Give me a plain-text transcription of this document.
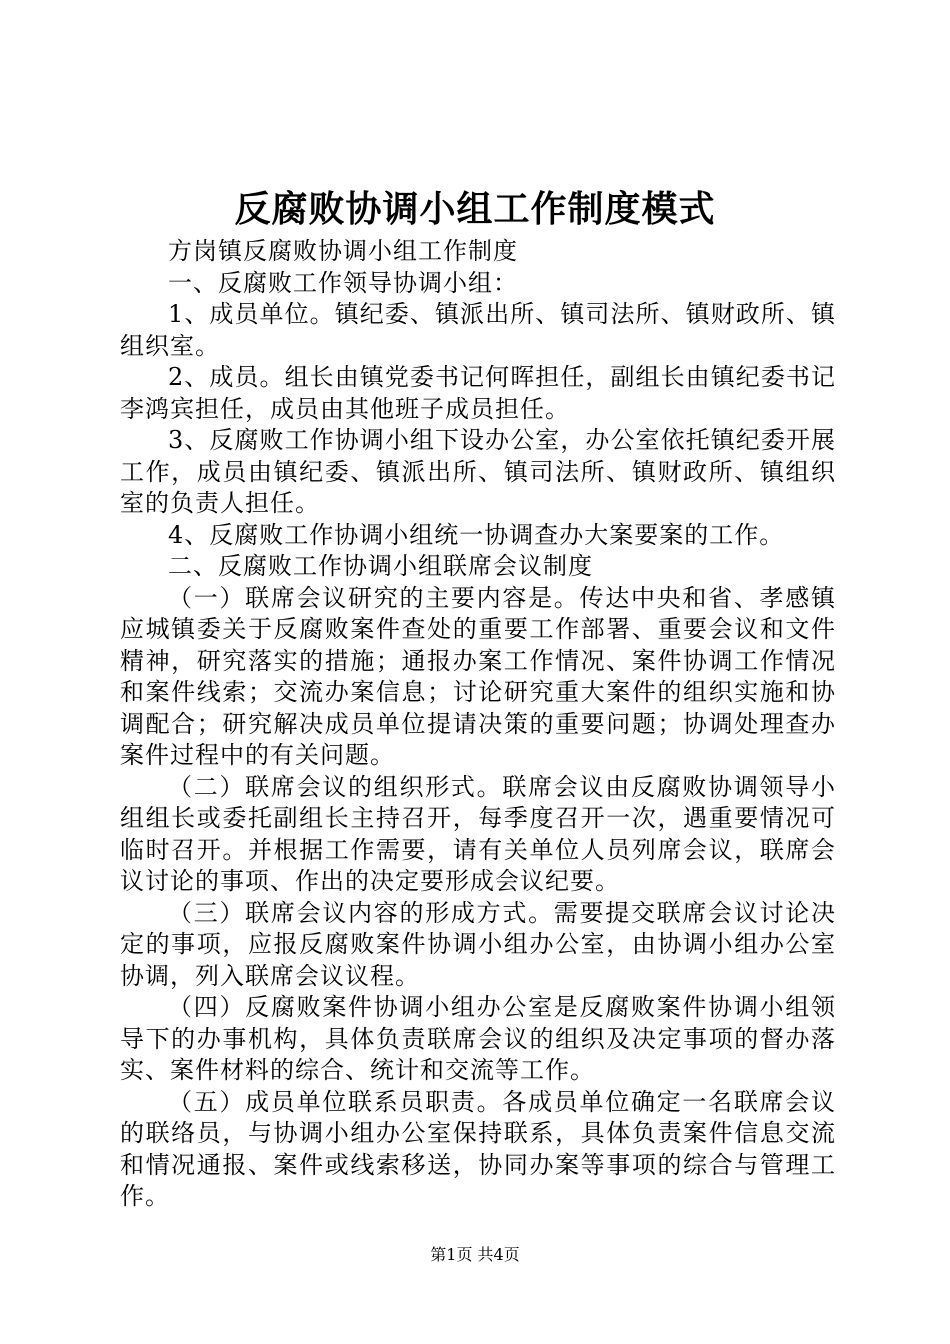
反腐败协调小组工作制度模式

方岗镇反腐败协调小组工作制度

一、反腐败工作领导协调小组：

1、成员单位。镇纪委、镇派出所、镇司法所、镇财政所、镇组织室。

2、成员。组长由镇党委书记何晖担任，副组长由镇纪委书记李鸿宾担任，成员由其他班子成员担任。

3、反腐败工作协调小组下设办公室，办公室依托镇纪委开展工作，成员由镇纪委、镇派出所、镇司法所、镇财政所、镇组织室的负责人担任。

4、反腐败工作协调小组统一协调查办大案要案的工作。

二、反腐败工作协调小组联席会议制度

（一）联席会议研究的主要内容是。传达中央和省、孝感镇应城镇委关于反腐败案件查处的重要工作部署、重要会议和文件精神，研究落实的措施；通报办案工作情况、案件协调工作情况和案件线索；交流办案信息；讨论研究重大案件的组织实施和协调配合；研究解决成员单位提请决策的重要问题；协调处理查办案件过程中的有关问题。

（二）联席会议的组织形式。联席会议由反腐败协调领导小组组长或委托副组长主持召开，每季度召开一次，遇重要情况可临时召开。并根据工作需要，请有关单位人员列席会议，联席会议讨论的事项、作出的决定要形成会议纪要。

（三）联席会议内容的形成方式。需要提交联席会议讨论决定的事项，应报反腐败案件协调小组办公室，由协调小组办公室协调，列入联席会议议程。

（四）反腐败案件协调小组办公室是反腐败案件协调小组领导下的办事机构，具体负责联席会议的组织及决定事项的督办落实、案件材料的综合、统计和交流等工作。

（五）成员单位联系员职责。各成员单位确定一名联席会议的联络员，与协调小组办公室保持联系，具体负责案件信息交流和情况通报、案件或线索移送，协同办案等事项的综合与管理工作。

第1页 共4页
